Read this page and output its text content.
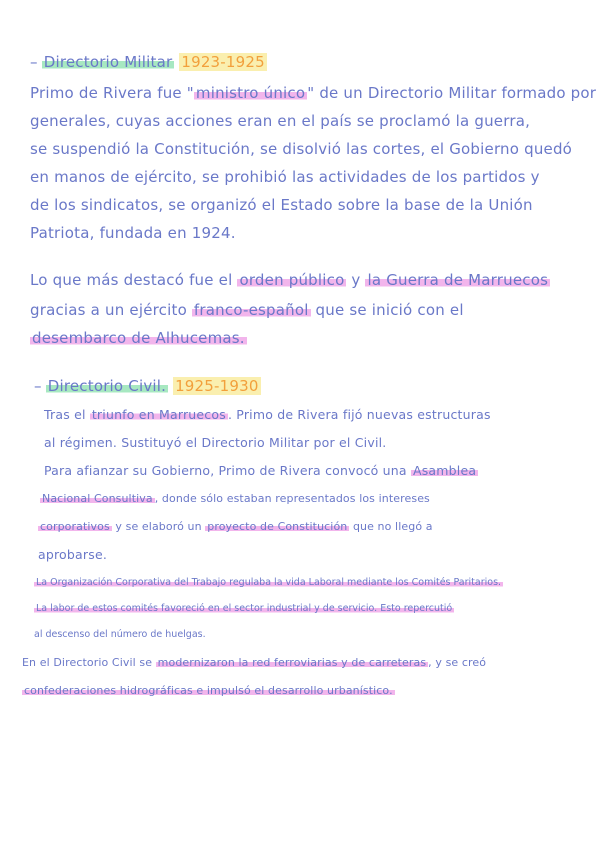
– Directorio Militar 1923-1925
Primo de Rivera fue " ministro único " de un Directorio Militar formado por
generales, cuyas acciones eran en el país se proclamó la guerra,
se suspendió la Constitución, se disolvió las cortes, el Gobierno quedó
en manos de ejército, se prohibió las actividades de los partidos y
de los sindicatos, se organizó el Estado sobre la base de la Unión
Patriota, fundada en 1924.
Lo que más destacó fue el orden público y la Guerra de Marruecos
gracias a un ejército franco-español que se inició con el
desembarco de Alhucemas.
– Directorio Civil. 1925-1930
Tras el triunfo en Marruecos . Primo de Rivera fijó nuevas estructuras
al régimen. Sustituyó el Directorio Militar por el Civil.
Para afianzar su Gobierno, Primo de Rivera convocó una Asamblea
Nacional Consultiva , donde sólo estaban representados los intereses
corporativos y se elaboró un proyecto de Constitución que no llegó a
aprobarse.
La Organización Corporativa del Trabajo regulaba la vida Laboral mediante los Comités Paritarios.
La labor de estos comités favoreció en el sector industrial y de servicio. Esto repercutió
al descenso del número de huelgas.
En el Directorio Civil se modernizaron la red ferroviarias y de carreteras , y se creó
confederaciones hidrográficas e impulsó el desarrollo urbanístico.
